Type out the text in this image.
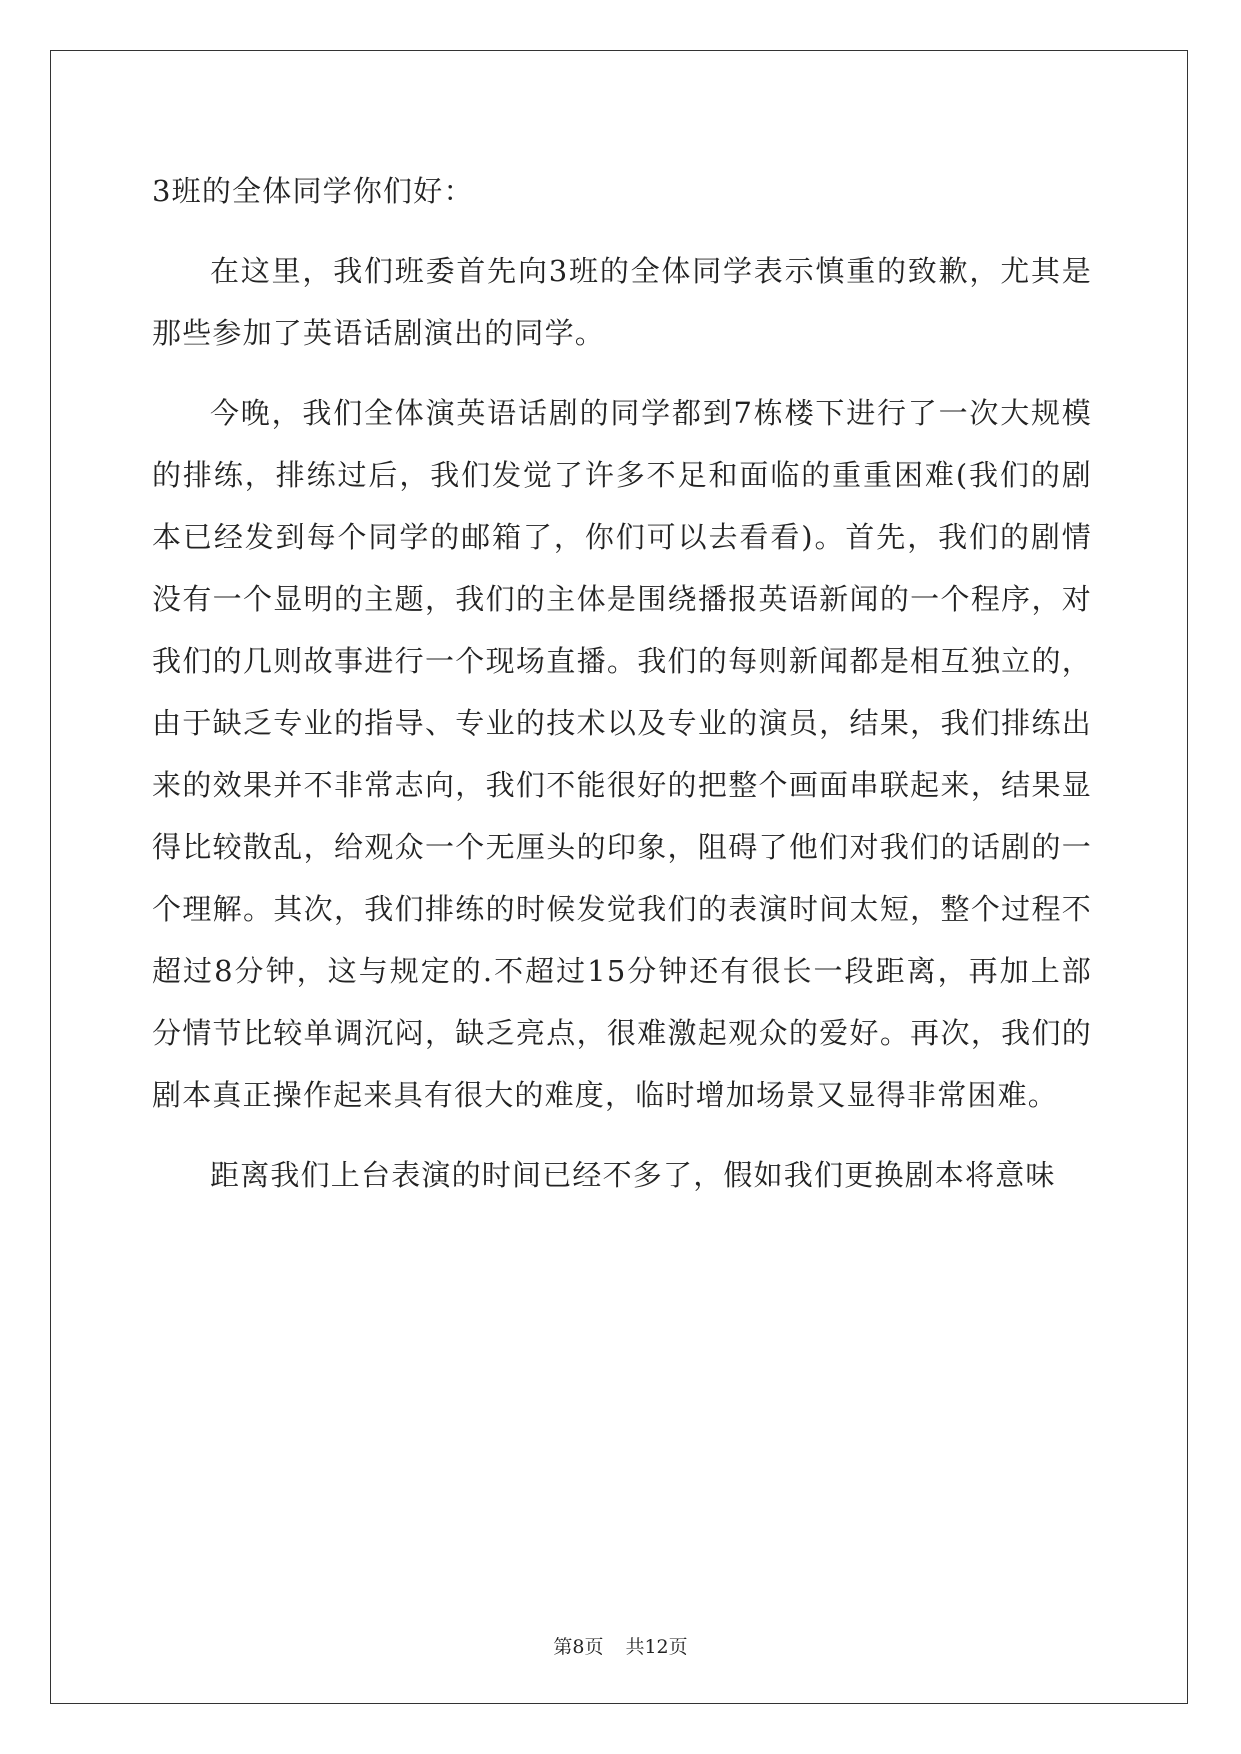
3班的全体同学你们好：

在这里，我们班委首先向3班的全体同学表示慎重的致歉，尤其是那些参加了英语话剧演出的同学。

今晚，我们全体演英语话剧的同学都到7栋楼下进行了一次大规模的排练，排练过后，我们发觉了许多不足和面临的重重困难(我们的剧本已经发到每个同学的邮箱了，你们可以去看看)。首先，我们的剧情没有一个显明的主题，我们的主体是围绕播报英语新闻的一个程序，对我们的几则故事进行一个现场直播。我们的每则新闻都是相互独立的，由于缺乏专业的指导、专业的技术以及专业的演员，结果，我们排练出来的效果并不非常志向，我们不能很好的把整个画面串联起来，结果显得比较散乱，给观众一个无厘头的印象，阻碍了他们对我们的话剧的一个理解。其次，我们排练的时候发觉我们的表演时间太短，整个过程不超过8分钟，这与规定的.不超过15分钟还有很长一段距离，再加上部分情节比较单调沉闷，缺乏亮点，很难激起观众的爱好。再次，我们的剧本真正操作起来具有很大的难度，临时增加场景又显得非常困难。

距离我们上台表演的时间已经不多了，假如我们更换剧本将意味

第8页 共12页
